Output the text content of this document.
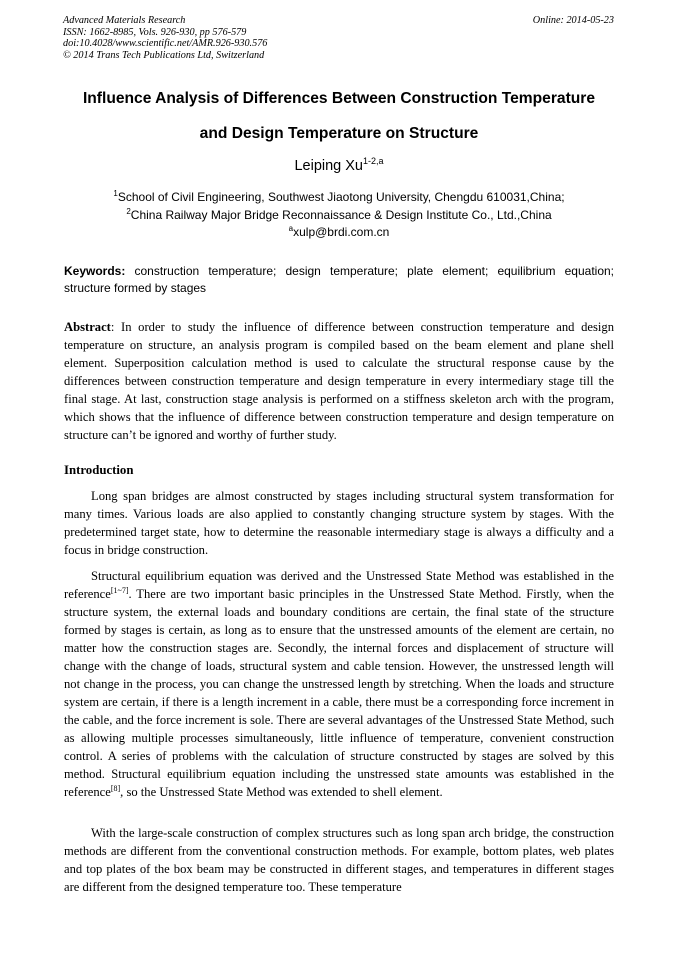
Advanced Materials Research
ISSN: 1662-8985, Vols. 926-930, pp 576-579
doi:10.4028/www.scientific.net/AMR.926-930.576
© 2014 Trans Tech Publications Ltd, Switzerland
Online: 2014-05-23
Influence Analysis of Differences Between Construction Temperature
and Design Temperature on Structure
Leiping Xu$^{1-2,a}$
$^1$School of Civil Engineering, Southwest Jiaotong University, Chengdu 610031,China;
$^2$China Railway Major Bridge Reconnaissance & Design Institute Co., Ltd.,China
$^a$xulp@brdi.com.cn
Keywords: construction temperature; design temperature; plate element; equilibrium equation; structure formed by stages
Abstract: In order to study the influence of difference between construction temperature and design temperature on structure, an analysis program is compiled based on the beam element and plane shell element. Superposition calculation method is used to calculate the structural response cause by the differences between construction temperature and design temperature in every intermediary stage till the final stage. At last, construction stage analysis is performed on a stiffness skeleton arch with the program, which shows that the influence of difference between construction temperature and design temperature on structure can’t be ignored and worthy of further study.
Introduction

Long span bridges are almost constructed by stages including structural system transformation for many times. Various loads are also applied to constantly changing structure system by stages. With the predetermined target state, how to determine the reasonable intermediary stage is always a difficulty and a focus in bridge construction.

Structural equilibrium equation was derived and the Unstressed State Method was established in the reference[1~7]. There are two important basic principles in the Unstressed State Method. Firstly, when the structure system, the external loads and boundary conditions are certain, the final state of the structure formed by stages is certain, as long as to ensure that the unstressed amounts of the element are certain, no matter how the construction stages are. Secondly, the internal forces and displacement of structure will change with the change of loads, structural system and cable tension. However, the unstressed length will not change in the process, you can change the unstressed length by stretching. When the loads and structure system are certain, if there is a length increment in a cable, there must be a corresponding force increment in the cable, and the force increment is sole. There are several advantages of the Unstressed State Method, such as allowing multiple processes simultaneously, little influence of temperature, convenient construction control. A series of problems with the calculation of structure constructed by stages are solved by this method. Structural equilibrium equation including the unstressed state amounts was established in the reference[8], so the Unstressed State Method was extended to shell element.

With the large-scale construction of complex structures such as long span arch bridge, the construction methods are different from the conventional construction methods. For example, bottom plates, web plates and top plates of the box beam may be constructed in different stages, and temperatures in different stages are different from the designed temperature too. These temperature
